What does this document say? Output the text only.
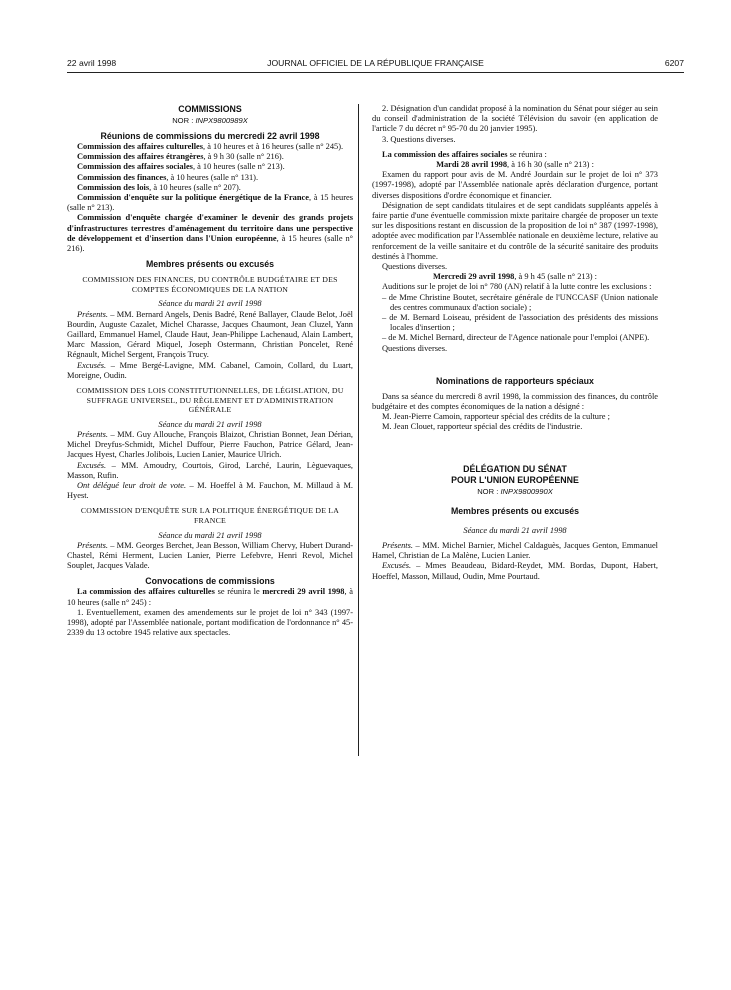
22 avril 1998	JOURNAL OFFICIEL DE LA RÉPUBLIQUE FRANÇAISE	6207
COMMISSIONS
NOR : INPX9800989X
Réunions de commissions du mercredi 22 avril 1998

Commission des affaires culturelles, à 10 heures et à 16 heures (salle n° 245).

Commission des affaires étrangères, à 9 h 30 (salle n° 216).

Commission des affaires sociales, à 10 heures (salle n° 213).

Commission des finances, à 10 heures (salle n° 131).

Commission des lois, à 10 heures (salle n° 207).

Commission d'enquête sur la politique énergétique de la France, à 15 heures (salle n° 213).

Commission d'enquête chargée d'examiner le devenir des grands projets d'infrastructures terrestres d'aménagement du territoire dans une perspective de développement et d'insertion dans l'Union européenne, à 15 heures (salle n° 216).

Membres présents ou excusés
COMMISSION DES FINANCES, DU CONTRÔLE BUDGÉTAIRE ET DES COMPTES ÉCONOMIQUES DE LA NATION
Séance du mardi 21 avril 1998

Présents. – MM. Bernard Angels, Denis Badré, René Ballayer, Claude Belot, Joël Bourdin, Auguste Cazalet, Michel Charasse, Jacques Chaumont, Jean Cluzel, Yann Gaillard, Emmanuel Hamel, Claude Haut, Jean-Philippe Lachenaud, Alain Lambert, Marc Massion, Gérard Miquel, Joseph Ostermann, Christian Poncelet, René Régnault, Michel Sergent, François Trucy.

Excusés. – Mme Bergé-Lavigne, MM. Cabanel, Camoin, Collard, du Luart, Moreigne, Oudin.

COMMISSION DES LOIS CONSTITUTIONNELLES, DE LÉGISLATION, DU SUFFRAGE UNIVERSEL, DU RÈGLEMENT ET D'ADMINISTRATION GÉNÉRALE
Séance du mardi 21 avril 1998

Présents. – MM. Guy Allouche, François Blaizot, Christian Bonnet, Jean Dérian, Michel Dreyfus-Schmidt, Michel Duffour, Pierre Fauchon, Patrice Gélard, Jean-Jacques Hyest, Charles Jolibois, Lucien Lanier, Maurice Ulrich.

Excusés. – MM. Amoudry, Courtois, Girod, Larché, Laurin, Lèguevaques, Masson, Rufin.

Ont délégué leur droit de vote. – M. Hoeffel à M. Fauchon, M. Millaud à M. Hyest.

COMMISSION D'ENQUÊTE SUR LA POLITIQUE ÉNERGÉTIQUE DE LA FRANCE
Séance du mardi 21 avril 1998

Présents. – MM. Georges Berchet, Jean Besson, William Chervy, Hubert Durand-Chastel, Rémi Herment, Lucien Lanier, Pierre Lefebvre, Henri Revol, Michel Souplet, Jacques Valade.

Convocations de commissions

La commission des affaires culturelles se réunira le mercredi 29 avril 1998, à 10 heures (salle n° 245) :

1. Eventuellement, examen des amendements sur le projet de loi n° 343 (1997-1998), adopté par l'Assemblée nationale, portant modification de l'ordonnance n° 45-2339 du 13 octobre 1945 relative aux spectacles.

2. Désignation d'un candidat proposé à la nomination du Sénat pour siéger au sein du conseil d'administration de la société Télévision du savoir (en application de l'article 7 du décret n° 95-70 du 20 janvier 1995).

3. Questions diverses.

La commission des affaires sociales se réunira :

Mardi 28 avril 1998, à 16 h 30 (salle n° 213) :

Examen du rapport pour avis de M. André Jourdain sur le projet de loi n° 373 (1997-1998), adopté par l'Assemblée nationale après déclaration d'urgence, portant diverses dispositions d'ordre économique et financier.

Désignation de sept candidats titulaires et de sept candidats suppléants appelés à faire partie d'une éventuelle commission mixte paritaire chargée de proposer un texte sur les dispositions restant en discussion de la proposition de loi n° 387 (1997-1998), adoptée avec modification par l'Assemblée nationale en deuxième lecture, relative au renforcement de la veille sanitaire et du contrôle de la sécurité sanitaire des produits destinés à l'homme.

Questions diverses.

Mercredi 29 avril 1998, à 9 h 45 (salle n° 213) :

Auditions sur le projet de loi n° 780 (AN) relatif à la lutte contre les exclusions :

– de Mme Christine Boutet, secrétaire générale de l'UNCCASF (Union nationale des centres communaux d'action sociale) ;
– de M. Bernard Loiseau, président de l'association des présidents des missions locales d'insertion ;
– de M. Michel Bernard, directeur de l'Agence nationale pour l'emploi (ANPE).

Questions diverses.

Nominations de rapporteurs spéciaux

Dans sa séance du mercredi 8 avril 1998, la commission des finances, du contrôle budgétaire et des comptes économiques de la nation a désigné :

M. Jean-Pierre Camoin, rapporteur spécial des crédits de la culture ;

M. Jean Clouet, rapporteur spécial des crédits de l'industrie.

DÉLÉGATION DU SÉNAT
POUR L'UNION EUROPÉENNE
NOR : INPX9800990X
Membres présents ou excusés
Séance du mardi 21 avril 1998

Présents. – MM. Michel Barnier, Michel Caldaguès, Jacques Genton, Emmanuel Hamel, Christian de La Malène, Lucien Lanier.

Excusés. – Mmes Beaudeau, Bidard-Reydet, MM. Bordas, Dupont, Habert, Hoeffel, Masson, Millaud, Oudin, Mme Pourtaud.
